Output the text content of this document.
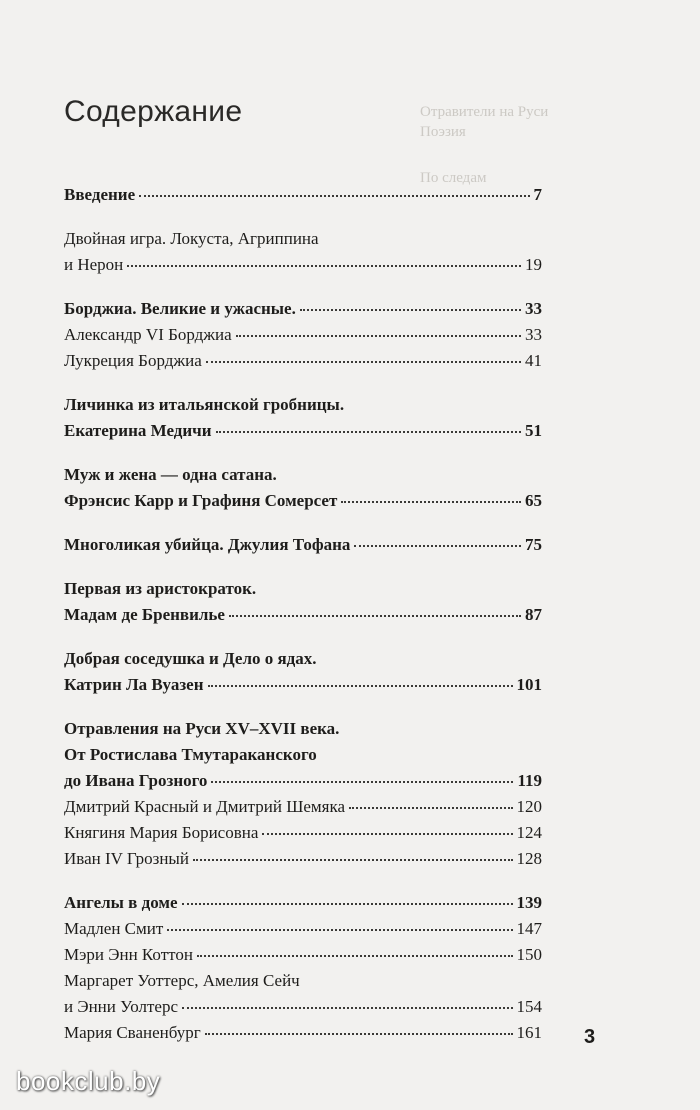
Отравители на Руси
Поэзия
По следам
Содержание
Введение	7
Двойная игра. Локуста, Агриппина
и Нерон	19
Борджиа. Великие и ужасные.	33
Александр VI Борджиа	33
Лукреция Борджиа	41
Личинка из итальянской гробницы.
Екатерина Медичи	51
Муж и жена — одна сатана.
Фрэнсис Карр и Графиня Сомерсет	65
Многоликая убийца. Джулия Тофана	75
Первая из аристократок.
Мадам де Бренвилье	87
Добрая соседушка и Дело о ядах.
Катрин Ла Вуазен	101
Отравления на Руси XV–XVII века.
От Ростислава Тмутараканского
до Ивана Грозного	119
Дмитрий Красный и Дмитрий Шемяка	120
Княгиня Мария Борисовна	124
Иван IV Грозный	128
Ангелы в доме	139
Мадлен Смит	147
Мэри Энн Коттон	150
Маргарет Уоттерс, Амелия Сейч
и Энни Уолтерс	154
Мария Сваненбург	161 3
bookclub.by
